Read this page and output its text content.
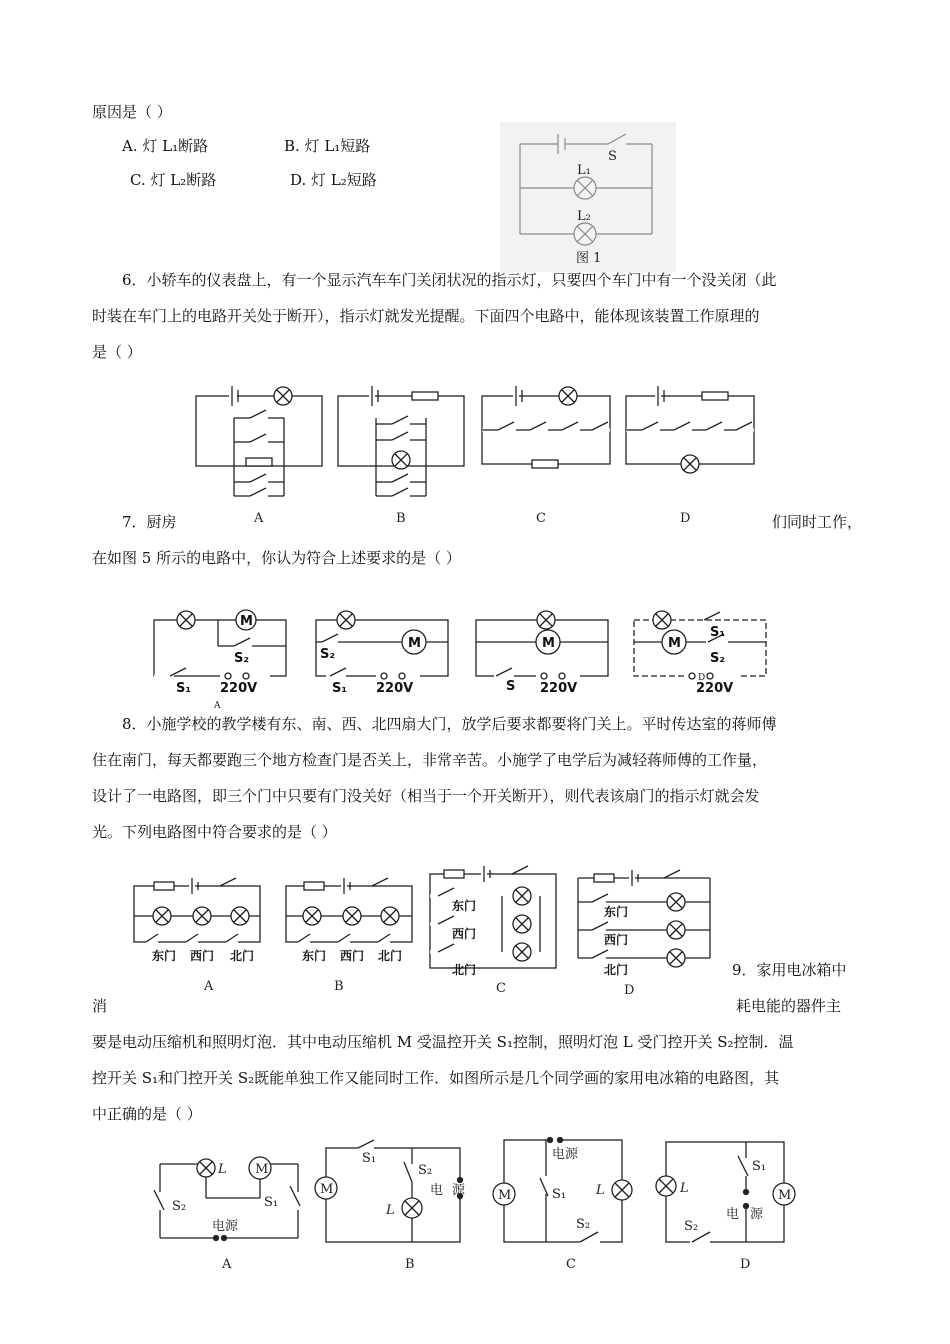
原因是（ ）
A. 灯 L₁断路	B. 灯 L₁短路
C. 灯 L₂断路	D. 灯 L₂短路
S
L₁
L₂
图 1
6．小轿车的仪表盘上，有一个显示汽车车门关闭状况的指示灯，只要四个车门中有一个没关闭（此
时装在车门上的电路开关处于断开），指示灯就发光提醒。下面四个电路中，能体现该装置工作原理的
是（ ）
A	B	C	D
7．厨房	们同时工作，
在如图 5 所示的电路中，你认为符合上述要求的是（ ）
M
S₂
S₁ 220V
A
M
S₂
S₁ 220V
M
S 220V
M
S₁
S₂
D
220V
8．小施学校的教学楼有东、南、西、北四扇大门，放学后要求都要将门关上。平时传达室的蒋师傅
住在南门，每天都要跑三个地方检查门是否关上，非常辛苦。小施学了电学后为减轻蒋师傅的工作量，
设计了一电路图，即三个门中只要有门没关好（相当于一个开关断开），则代表该扇门的指示灯就会发
光。下列电路图中符合要求的是（ ）
东门 西门 北门
A
东门 西门 北门
B
东门
西门
北门
C
东门
西门
北门
D
9．家用电冰箱中
消	耗电能的器件主
要是电动压缩机和照明灯泡．其中电动压缩机 M 受温控开关 S₁控制，照明灯泡 L 受门控开关 S₂控制．温
控开关 S₁和门控开关 S₂既能单独工作又能同时工作．如图所示是几个同学画的家用电冰箱的电路图，其
中正确的是（ ）
L M
S₂	S₁
电源
A
M
S₁
S₂
L
电 源
B
M
电源
S₁ L
S₂
C
L
S₁
M
电 源
S₂
D
